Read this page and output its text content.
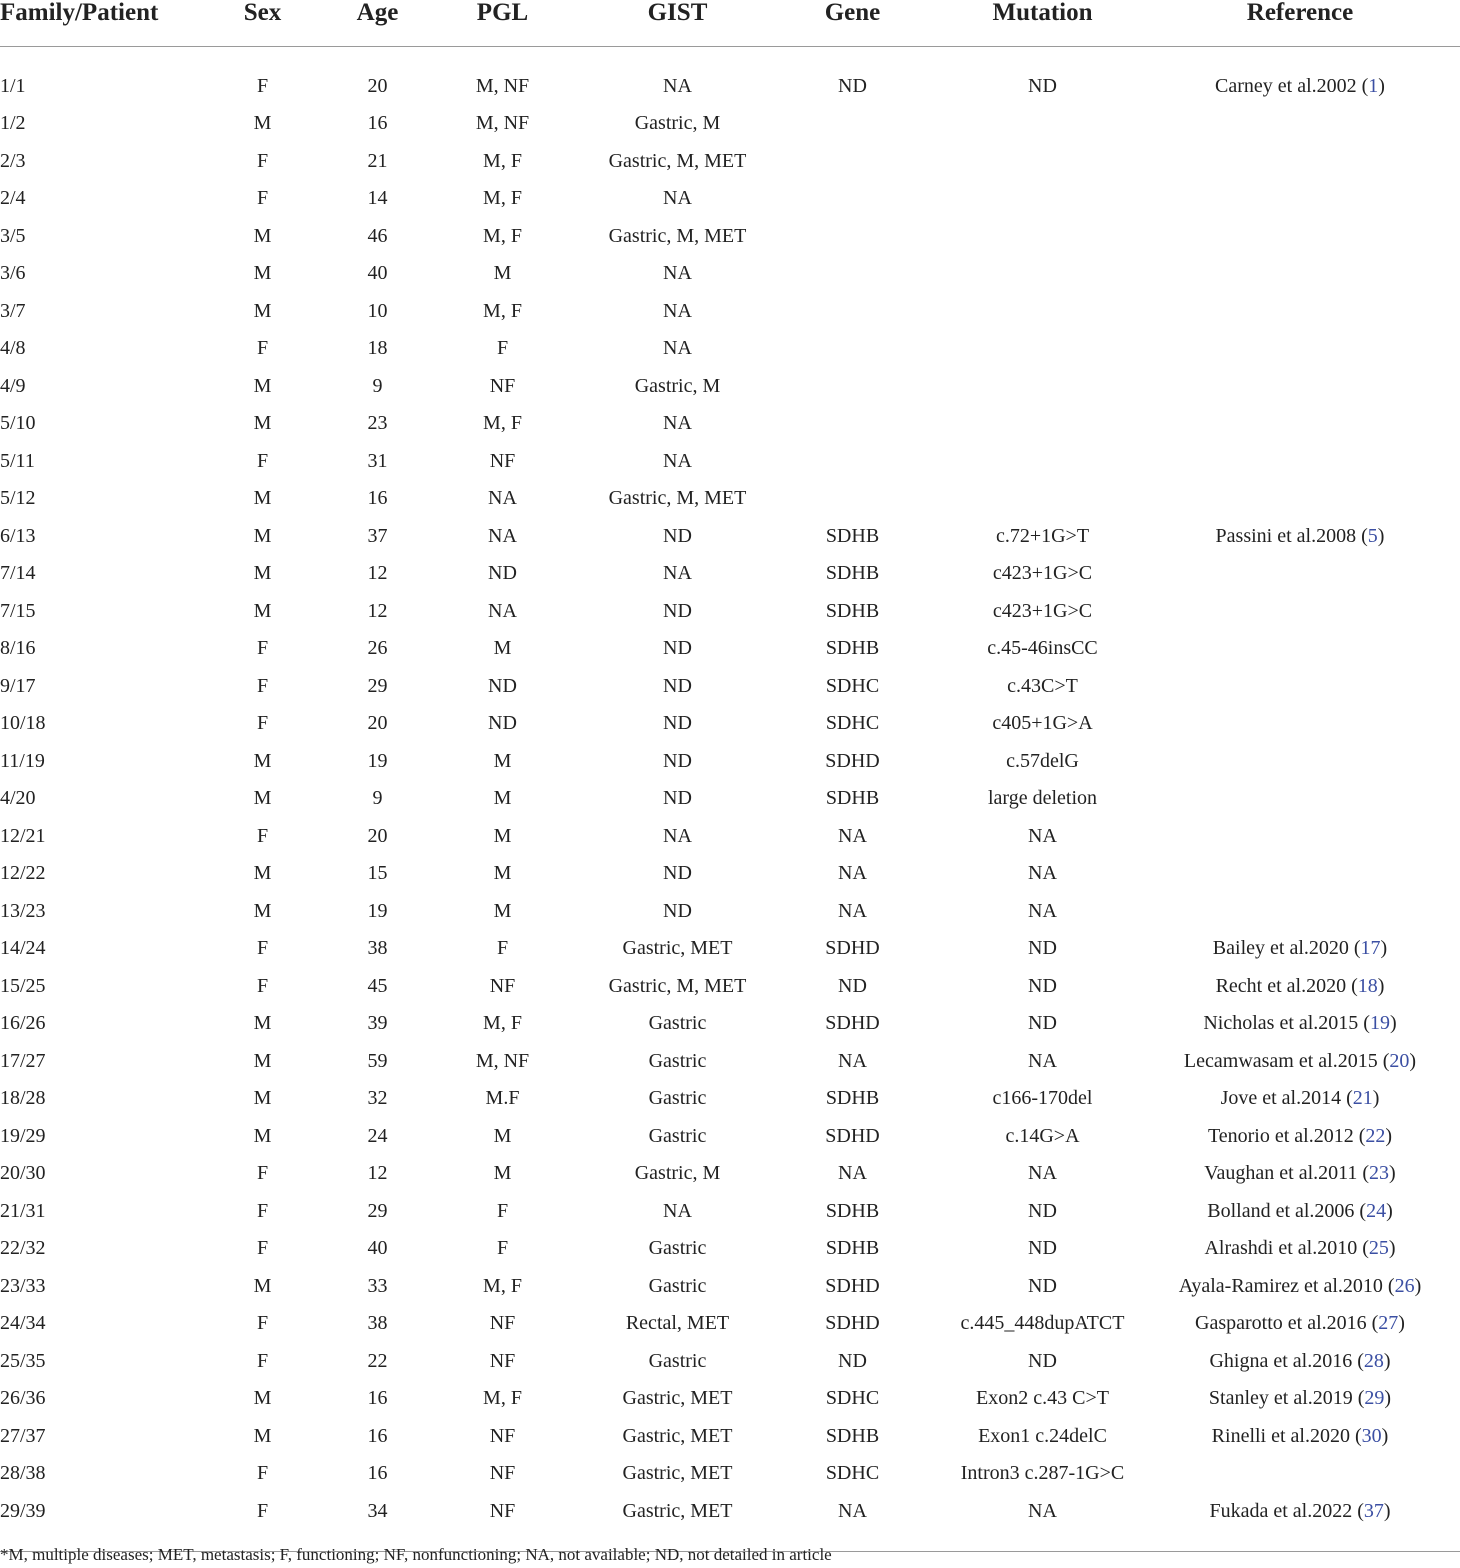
Family/Patient	Sex	Age	PGL	GIST	Gene	Mutation	Reference
1/1	F	20	M, NF	NA	ND	ND	Carney et al.2002 (1)
1/2	M	16	M, NF	Gastric, M			
2/3	F	21	M, F	Gastric, M, MET			
2/4	F	14	M, F	NA			
3/5	M	46	M, F	Gastric, M, MET			
3/6	M	40	M	NA			
3/7	M	10	M, F	NA			
4/8	F	18	F	NA			
4/9	M	9	NF	Gastric, M			
5/10	M	23	M, F	NA			
5/11	F	31	NF	NA			
5/12	M	16	NA	Gastric, M, MET			
6/13	M	37	NA	ND	SDHB	c.72+1G>T	Passini et al.2008 (5)
7/14	M	12	ND	NA	SDHB	c423+1G>C	
7/15	M	12	NA	ND	SDHB	c423+1G>C	
8/16	F	26	M	ND	SDHB	c.45-46insCC	
9/17	F	29	ND	ND	SDHC	c.43C>T	
10/18	F	20	ND	ND	SDHC	c405+1G>A	
11/19	M	19	M	ND	SDHD	c.57delG	
4/20	M	9	M	ND	SDHB	large deletion	
12/21	F	20	M	NA	NA	NA	
12/22	M	15	M	ND	NA	NA	
13/23	M	19	M	ND	NA	NA	
14/24	F	38	F	Gastric, MET	SDHD	ND	Bailey et al.2020 (17)
15/25	F	45	NF	Gastric, M, MET	ND	ND	Recht et al.2020 (18)
16/26	M	39	M, F	Gastric	SDHD	ND	Nicholas et al.2015 (19)
17/27	M	59	M, NF	Gastric	NA	NA	Lecamwasam et al.2015 (20)
18/28	M	32	M.F	Gastric	SDHB	c166-170del	Jove et al.2014 (21)
19/29	M	24	M	Gastric	SDHD	c.14G>A	Tenorio et al.2012 (22)
20/30	F	12	M	Gastric, M	NA	NA	Vaughan et al.2011 (23)
21/31	F	29	F	NA	SDHB	ND	Bolland et al.2006 (24)
22/32	F	40	F	Gastric	SDHB	ND	Alrashdi et al.2010 (25)
23/33	M	33	M, F	Gastric	SDHD	ND	Ayala-Ramirez et al.2010 (26)
24/34	F	38	NF	Rectal, MET	SDHD	c.445_448dupATCT	Gasparotto et al.2016 (27)
25/35	F	22	NF	Gastric	ND	ND	Ghigna et al.2016 (28)
26/36	M	16	M, F	Gastric, MET	SDHC	Exon2 c.43 C>T	Stanley et al.2019 (29)
27/37	M	16	NF	Gastric, MET	SDHB	Exon1 c.24delC	Rinelli et al.2020 (30)
28/38	F	16	NF	Gastric, MET	SDHC	Intron3 c.287-1G>C	
29/39	F	34	NF	Gastric, MET	NA	NA	Fukada et al.2022 (37)
*M, multiple diseases; MET, metastasis; F, functioning; NF, nonfunctioning; NA, not available; ND, not detailed in article
